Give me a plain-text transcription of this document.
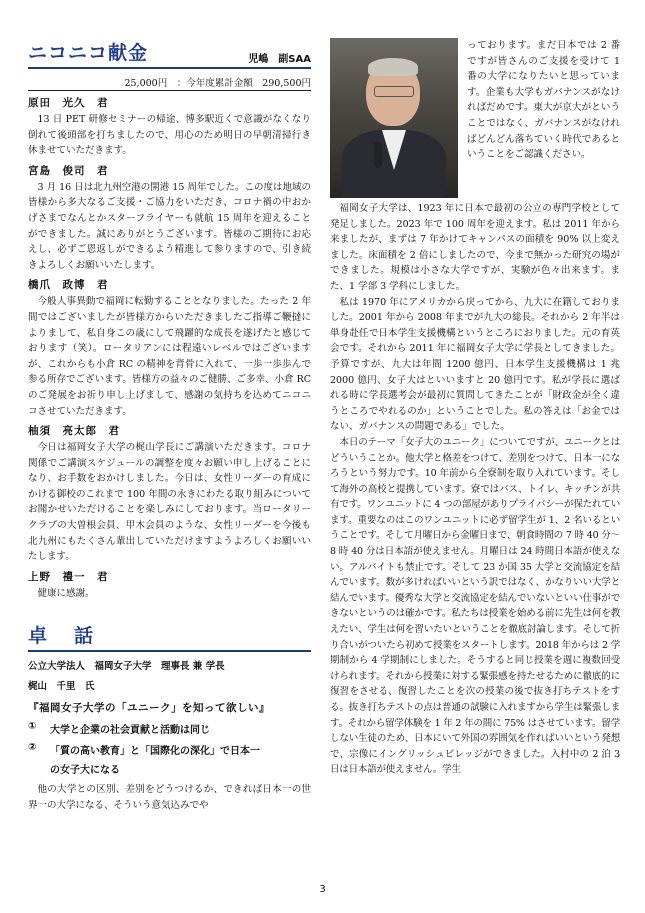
ニコニコ献金	児嶋　副SAA
25,000円　：今年度累計金額　290,500円
原田　光久　君

13 日 PET 研修セミナーの帰途、博多駅近くで意識がなくなり倒れて後頭部を打ちましたので、用心のため明日の早朝清掃行き休ませていただきます。

宮島　俊司　君

3 月 16 日は北九州空港の開港 15 周年でした。この度は地域の皆様から多大なるご支援・ご協力をいただき、コロナ禍の中おかげさまでなんとかスターフライヤーも就航 15 周年を迎えることができました。誠にありがとうございます。皆様のご期待にお応えし、必ずご恩返しができるよう精進して参りますので、引き続きよろしくお願いいたします。

橋爪　政博　君

今般人事異動で福岡に転勤することとなりました。たった 2 年間ではございましたが皆様方からいただきましたご指導ご鞭撻によりまして、私自身この歳にして飛躍的な成長を遂げたと感じております（笑）。ロータリアンには程遠いレベルではございますが、これからも小倉 RC の精神を背骨に入れて、一歩一歩歩んで参る所存でございます。皆様方の益々のご健勝、ご多幸、小倉 RC のご発展をお祈り申し上げまして、感謝の気持ちを込めてニコニコさせていただきます。

柚須　亮太郎　君

今日は福岡女子大学の梶山学長にご講演いただきます。コロナ関係でご講演スケジュールの調整を度々お願い申し上げることになり、お手数をおかけしました。今日は、女性リーダーの育成にかける御校のこれまで 100 年間の永きにわたる取り組みについてお聞かせいただけることを楽しみにしております。当ロータリークラブの大曽根会員、甲木会員のような、女性リーダーを今後も北九州にもたくさん輩出していただけますようよろしくお願いいたします。

上野　禮一　君

健康に感謝。

卓　話
公立大学法人　福岡女子大学　理事長 兼 学長
梶山　千里　氏
『福岡女子大学の「ユニーク」を知って欲しい』
①	大学と企業の社会貢献と活動は同じ
②	「質の高い教育」と「国際化の深化」で日本一
の女子大になる

他の大学との区別、差別をどうつけるか、できれば日本一の世界一の大学になる、そういう意気込みでや

っております。まだ日本では 2 番ですが皆さんのご支援を受けて 1 番の大学になりたいと思っています。企業も大学もガバナンスがなければだめです。東大が京大がということではなく、ガバナンスがなければどんどん落ちていく時代であるということをご認識ください。

福岡女子大学は、1923 年に日本で最初の公立の専門学校として発足しました。2023 年で 100 周年を迎えます。私は 2011 年から来ましたが、まずは 7 年かけてキャンパスの面積を 90% 以上変えました。床面積を 2 倍にしましたので、今まで無かった研究の場ができました。規模は小さな大学ですが、実験が色々出来ます。また、1 学部 3 学科にしました。

私は 1970 年にアメリカから戻ってから、九大に在籍しておりました。2001 年から 2008 年までが九大の総長。それから 2 年半は単身赴任で日本学生支援機構というところにおりました。元の育英会です。それから 2011 年に福岡女子大学に学長としてきました。予算ですが、九大は年間 1200 億円、日本学生支援機構は 1 兆 2000 億円、女子大はといいますと 20 億円です。私が学長に選ばれる時に学長選考会が最初に質問してきたことが「財政金が全く違うところでやれるのか」ということでした。私の答えは「お金ではない、ガバナンスの問題である」でした。

本日のテーマ「女子大のユニーク」についてですが、ユニークとはどういうことか。他大学と格差をつけて、差別をつけて、日本一になろうという努力です。10 年前から全寮制を取り入れています。そして海外の高校と提携しています。寮ではバス、トイレ、キッチンが共有です。ワンユニットに 4 つの部屋がありプライバシーが保たれています。重要なのはこのワンユニットに必ず留学生が 1、2 名いるということです。そして月曜日から金曜日まで、朝食時間の 7 時 40 分～8 時 40 分は日本語が使えません。月曜日は 24 時間日本語が使えない。アルバイトも禁止です。そして 23 か国 35 大学と交流協定を結んでいます。数が多ければいいという訳ではなく、かなりいい大学と結んでいます。優秀な大学と交流協定を結んでいないといい仕事ができないというのは確かです。私たちは授業を始める前に先生は何を教えたい、学生は何を習いたいということを徹底討論します。そして折り合いがついたら初めて授業をスタートします。2018 年からは 2 学期制から 4 学期制にしました。そうすると同じ授業を週に複数回受けられます。それから授業に対する緊張感を持たせるために徹底的に復習をさせる、復習したことを次の授業の後で抜き打ちテストをする。抜き打ちテストの点は普通の試験に入れますから学生は緊張します。それから留学体験を 1 年 2 年の間に 75% はさせています。留学しない生徒のため、日本にいて外国の雰囲気を作ればいいという発想で、宗像にイングリッシュビレッジができました。入村中の 2 泊 3 日は日本語が使えません。学生

3
